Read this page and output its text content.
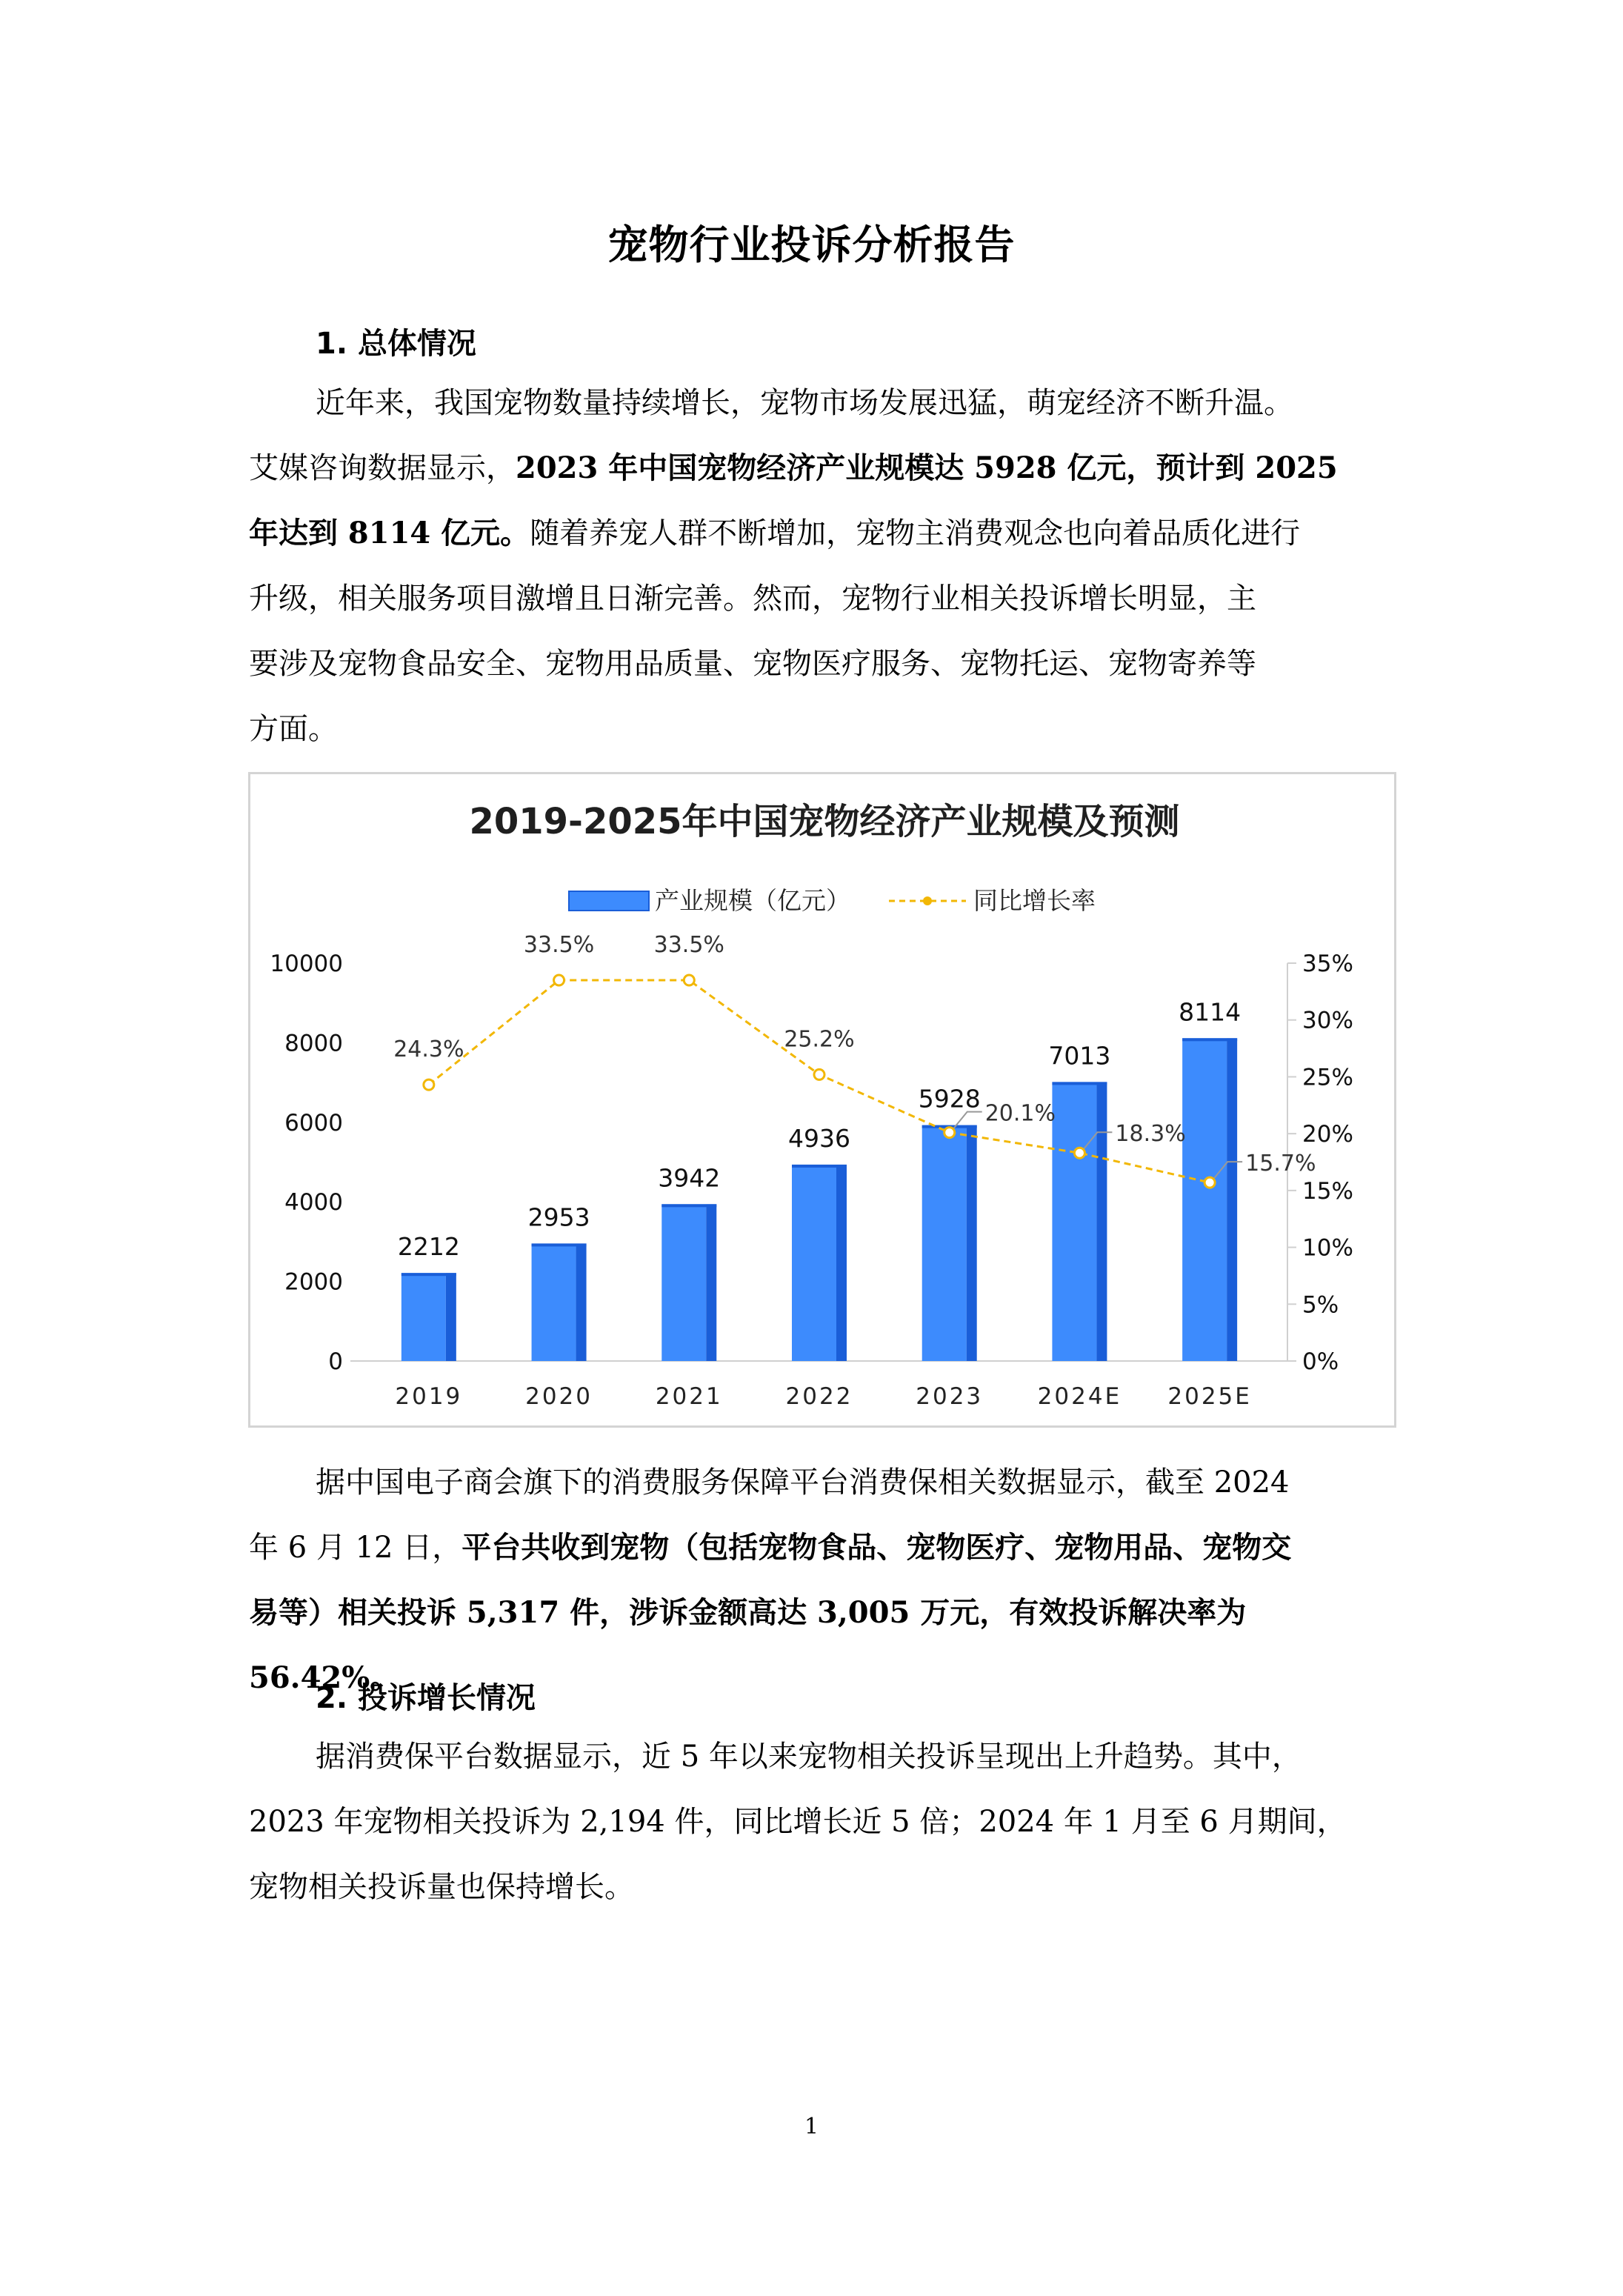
宠物行业投诉分析报告
1. 总体情况
近年来，我国宠物数量持续增长，宠物市场发展迅猛，萌宠经济不断升温。
艾媒咨询数据显示，2023 年中国宠物经济产业规模达 5928 亿元，预计到 2025
年达到 8114 亿元。随着养宠人群不断增加，宠物主消费观念也向着品质化进行
升级，相关服务项目激增且日渐完善。然而，宠物行业相关投诉增长明显，主
要涉及宠物食品安全、宠物用品质量、宠物医疗服务、宠物托运、宠物寄养等
方面。
2019-2025年中国宠物经济产业规模及预测
产业规模（亿元）	同比增长率
0
2000
4000
6000
8000
10000
0%
5%
10%
15%
20%
25%
30%
35%
2019	2020	2021	2022	2023 2024E 2025E
2212
2953
3942
4936
5928
7013
8114
24.3%
33.5%	33.5%
25.2%
20.1%
18.3%
15.7%
据中国电子商会旗下的消费服务保障平台消费保相关数据显示，截至 2024
年 6 月 12 日，平台共收到宠物（包括宠物食品、宠物医疗、宠物用品、宠物交
易等）相关投诉 5,317 件，涉诉金额高达 3,005 万元，有效投诉解决率为 56.42%。
2. 投诉增长情况
据消费保平台数据显示，近 5 年以来宠物相关投诉呈现出上升趋势。其中，
2023 年宠物相关投诉为 2,194 件，同比增长近 5 倍；2024 年 1 月至 6 月期间，
宠物相关投诉量也保持增长。
1
